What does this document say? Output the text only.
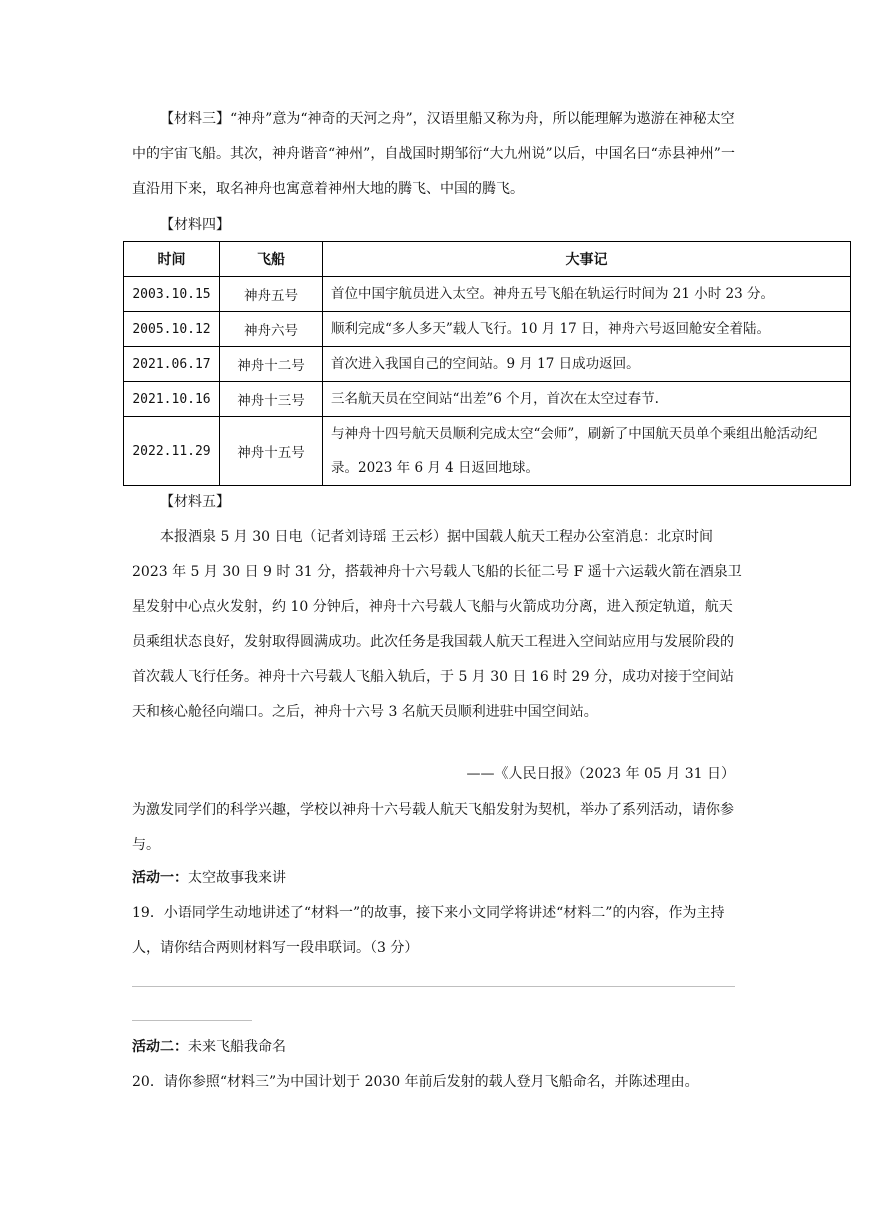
【材料三】“神舟”意为“神奇的天河之舟”，汉语里船又称为舟，所以能理解为遨游在神秘太空中的宇宙飞船。其次，神舟谐音“神州”，自战国时期邹衍“大九州说”以后，中国名曰“赤县神州”一直沿用下来，取名神舟也寓意着神州大地的腾飞、中国的腾飞。

【材料四】

时间	飞船	大事记
2003.10.15	神舟五号	首位中国宇航员进入太空。神舟五号飞船在轨运行时间为 21 小时 23 分。
2005.10.12	神舟六号	顺利完成“多人多天”载人飞行。10 月 17 日，神舟六号返回舱安全着陆。
2021.06.17	神舟十二号	首次进入我国自己的空间站。9 月 17 日成功返回。
2021.10.16	神舟十三号	三名航天员在空间站“出差”6 个月，首次在太空过春节.
2022.11.29	神舟十五号	与神舟十四号航天员顺利完成太空“会师”，刷新了中国航天员单个乘组出舱活动纪录。2023 年 6 月 4 日返回地球。

【材料五】

本报酒泉 5 月 30 日电（记者刘诗瑶 王云杉）据中国载人航天工程办公室消息：北京时间 2023 年 5 月 30 日 9 时 31 分，搭载神舟十六号载人飞船的长征二号 F 遥十六运载火箭在酒泉卫星发射中心点火发射，约 10 分钟后，神舟十六号载人飞船与火箭成功分离，进入预定轨道，航天员乘组状态良好，发射取得圆满成功。此次任务是我国载人航天工程进入空间站应用与发展阶段的首次载人飞行任务。神舟十六号载人飞船入轨后，于 5 月 30 日 16 时 29 分，成功对接于空间站天和核心舱径向端口。之后，神舟十六号 3 名航天员顺利进驻中国空间站。

——《人民日报》（2023 年 05 月 31 日）

为激发同学们的科学兴趣，学校以神舟十六号载人航天飞船发射为契机，举办了系列活动，请你参与。

活动一：太空故事我来讲

19．小语同学生动地讲述了“材料一”的故事，接下来小文同学将讲述“材料二”的内容，作为主持人，请你结合两则材料写一段串联词。（3 分）

活动二：未来飞船我命名

20．请你参照“材料三”为中国计划于 2030 年前后发射的载人登月飞船命名，并陈述理由。
